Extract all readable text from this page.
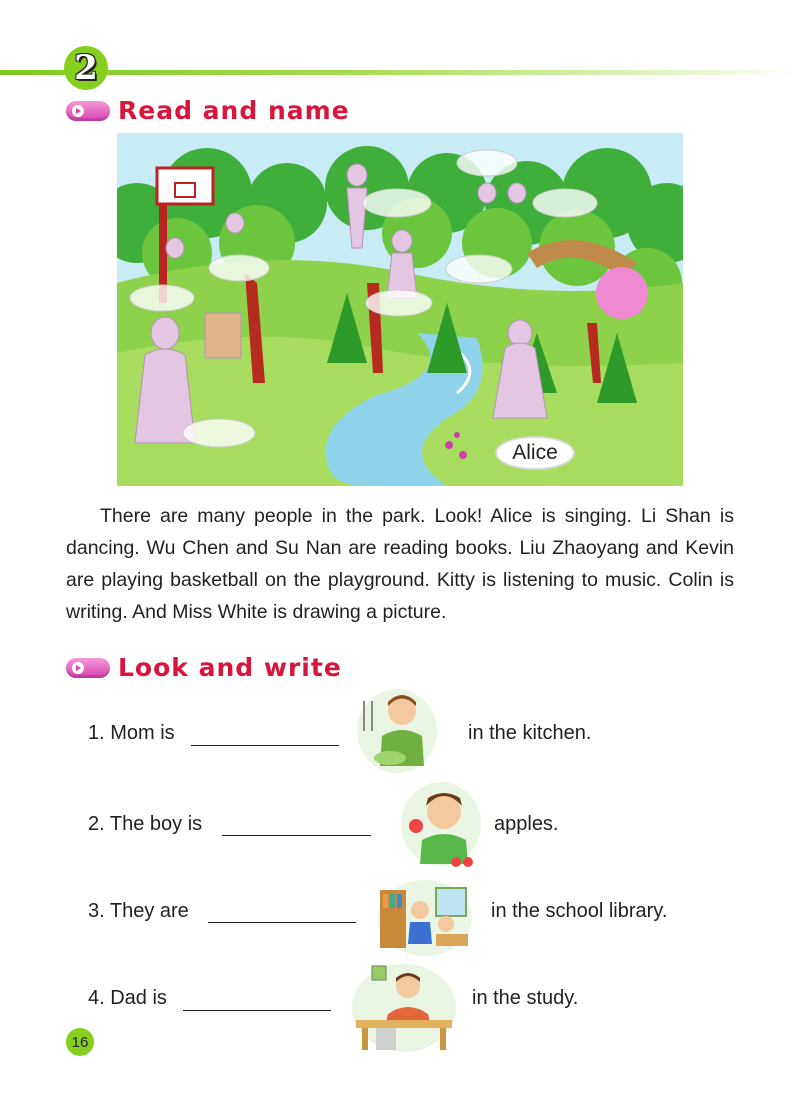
2
Read and name
Alice

There are many people in the park. Look! Alice is singing. Li Shan is dancing. Wu Chen and Su Nan are reading books. Liu Zhaoyang and Kevin are playing basketball on the playground. Kitty is listening to music. Colin is writing. And Miss White is drawing a picture.

Look and write
1. Mom is	in the kitchen.
2. The boy is	apples.
3. They are	in the school library.
4. Dad is	in the study.
16
